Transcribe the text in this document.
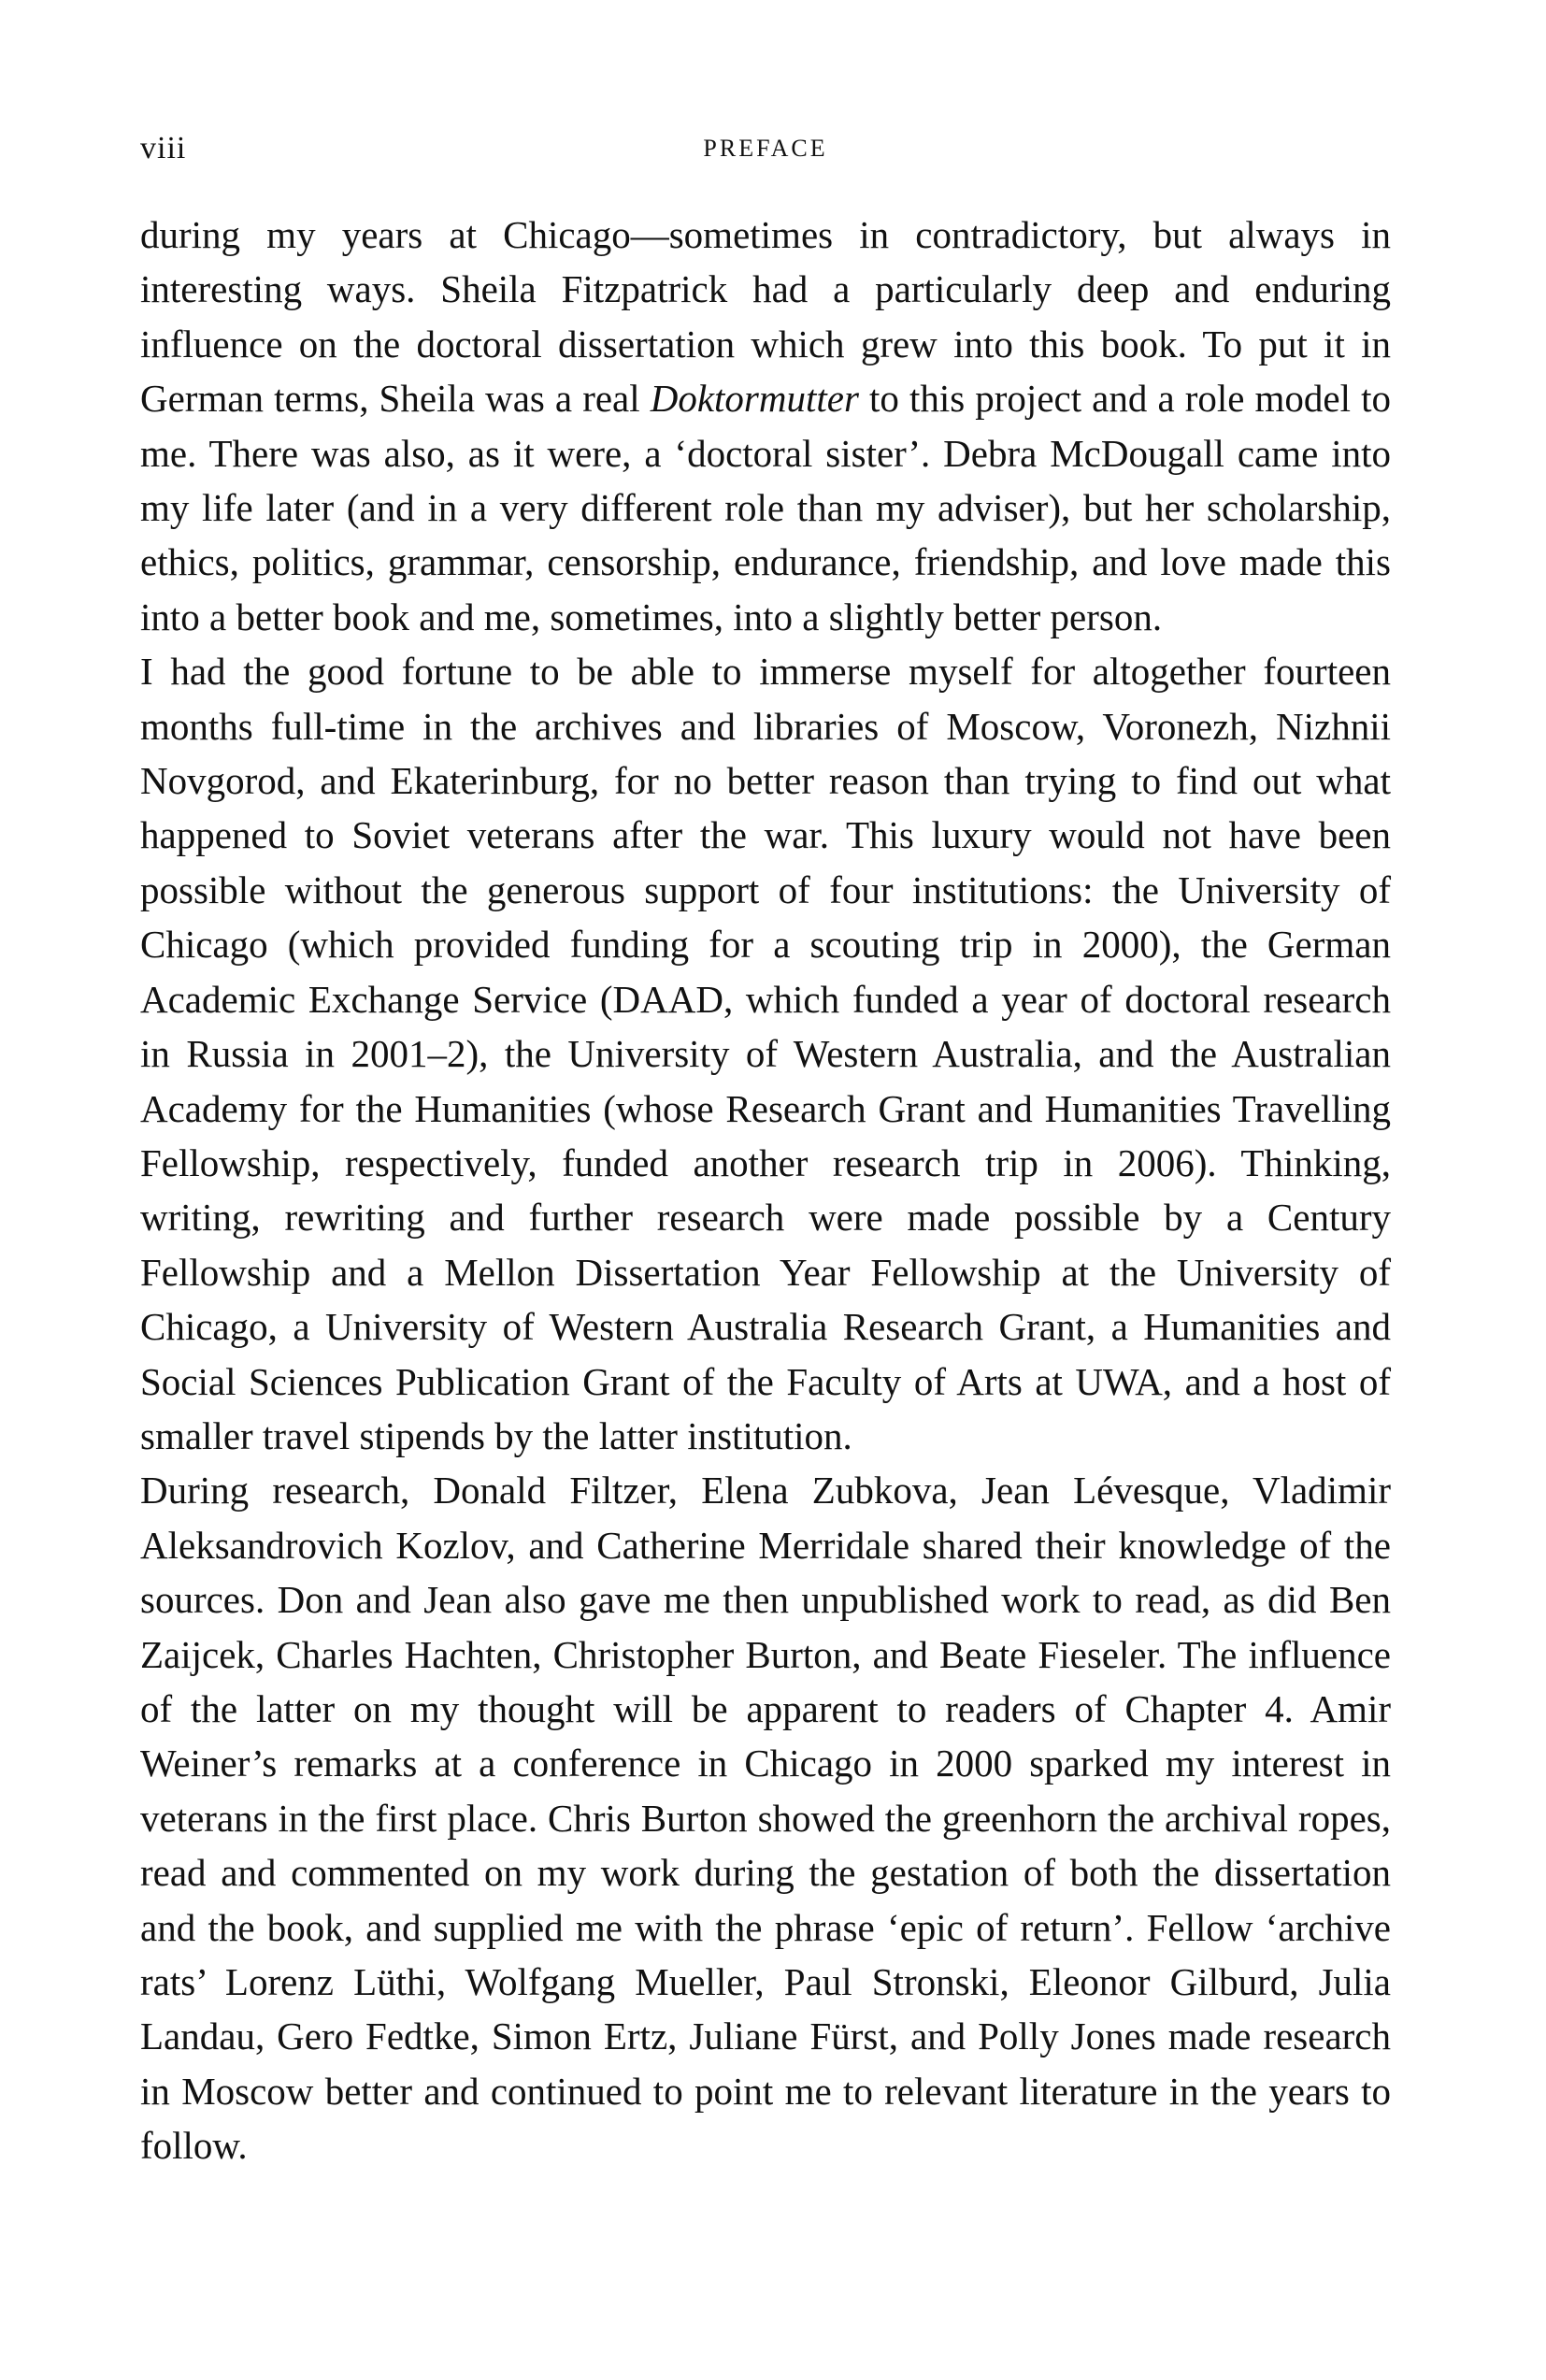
viii	PREFACE

during my years at Chicago—sometimes in contradictory, but always in interesting ways. Sheila Fitzpatrick had a particularly deep and enduring influence on the doctoral dissertation which grew into this book. To put it in German terms, Sheila was a real Doktormutter to this project and a role model to me. There was also, as it were, a ‘doctoral sister’. Debra McDougall came into my life later (and in a very different role than my adviser), but her scholarship, ethics, politics, grammar, censorship, endurance, friendship, and love made this into a better book and me, sometimes, into a slightly better person.

I had the good fortune to be able to immerse myself for altogether fourteen months full-time in the archives and libraries of Moscow, Voronezh, Nizhnii Novgorod, and Ekaterinburg, for no better reason than trying to find out what happened to Soviet veterans after the war. This luxury would not have been possible without the generous support of four institutions: the University of Chicago (which provided funding for a scouting trip in 2000), the German Academic Exchange Service (DAAD, which funded a year of doctoral research in Russia in 2001–2), the University of Western Australia, and the Australian Academy for the Humanities (whose Research Grant and Humanities Travelling Fellowship, respectively, funded another research trip in 2006). Thinking, writing, rewriting and further research were made possible by a Century Fellowship and a Mellon Dissertation Year Fellowship at the University of Chicago, a University of Western Australia Research Grant, a Humanities and Social Sciences Publication Grant of the Faculty of Arts at UWA, and a host of smaller travel stipends by the latter institution.

During research, Donald Filtzer, Elena Zubkova, Jean Lévesque, Vladimir Aleksandrovich Kozlov, and Catherine Merridale shared their knowledge of the sources. Don and Jean also gave me then unpublished work to read, as did Ben Zaijcek, Charles Hachten, Christopher Burton, and Beate Fieseler. The influence of the latter on my thought will be apparent to readers of Chapter 4. Amir Weiner’s remarks at a conference in Chicago in 2000 sparked my interest in veterans in the first place. Chris Burton showed the greenhorn the archival ropes, read and commented on my work during the gestation of both the dissertation and the book, and supplied me with the phrase ‘epic of return’. Fellow ‘archive rats’ Lorenz Lüthi, Wolfgang Mueller, Paul Stronski, Eleonor Gilburd, Julia Landau, Gero Fedtke, Simon Ertz, Juliane Fürst, and Polly Jones made research in Moscow better and continued to point me to relevant literature in the years to follow.
